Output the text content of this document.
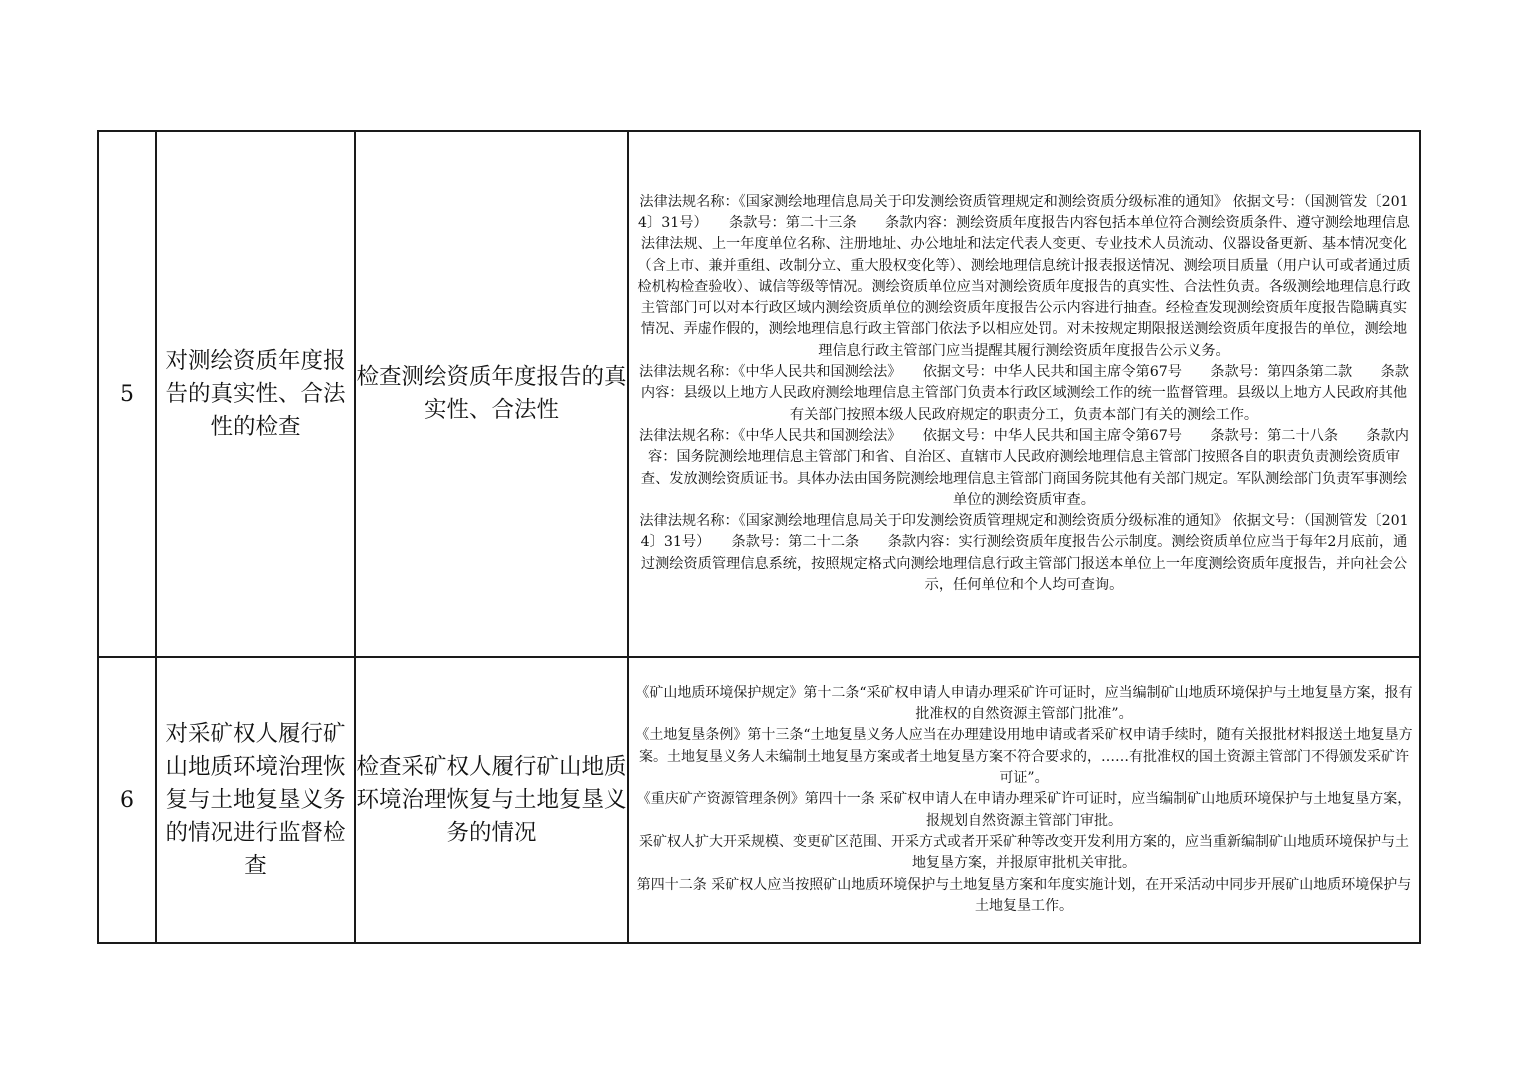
5	对测绘资质年度报告的真实性、合法性的检查	检查测绘资质年度报告的真实性、合法性	法律法规名称：《国家测绘地理信息局关于印发测绘资质管理规定和测绘资质分级标准的通知》 依据文号：（国测管发〔2014〕31号）　　条款号：第二十三条　　条款内容：测绘资质年度报告内容包括本单位符合测绘资质条件、遵守测绘地理信息法律法规、上一年度单位名称、注册地址、办公地址和法定代表人变更、专业技术人员流动、仪器设备更新、基本情况变化（含上市、兼并重组、改制分立、重大股权变化等）、测绘地理信息统计报表报送情况、测绘项目质量（用户认可或者通过质检机构检查验收）、诚信等级等情况。测绘资质单位应当对测绘资质年度报告的真实性、合法性负责。各级测绘地理信息行政主管部门可以对本行政区域内测绘资质单位的测绘资质年度报告公示内容进行抽查。经检查发现测绘资质年度报告隐瞒真实情况、弄虚作假的，测绘地理信息行政主管部门依法予以相应处罚。对未按规定期限报送测绘资质年度报告的单位，测绘地理信息行政主管部门应当提醒其履行测绘资质年度报告公示义务。

法律法规名称：《中华人民共和国测绘法》　　依据文号：中华人民共和国主席令第67号　　条款号：第四条第二款　　条款内容：县级以上地方人民政府测绘地理信息主管部门负责本行政区域测绘工作的统一监督管理。县级以上地方人民政府其他有关部门按照本级人民政府规定的职责分工，负责本部门有关的测绘工作。

法律法规名称：《中华人民共和国测绘法》　　依据文号：中华人民共和国主席令第67号　　条款号：第二十八条　　条款内容：国务院测绘地理信息主管部门和省、自治区、直辖市人民政府测绘地理信息主管部门按照各自的职责负责测绘资质审查、发放测绘资质证书。具体办法由国务院测绘地理信息主管部门商国务院其他有关部门规定。军队测绘部门负责军事测绘单位的测绘资质审查。

法律法规名称：《国家测绘地理信息局关于印发测绘资质管理规定和测绘资质分级标准的通知》 依据文号：（国测管发〔2014〕31号）　　条款号：第二十二条　　条款内容：实行测绘资质年度报告公示制度。测绘资质单位应当于每年2月底前，通过测绘资质管理信息系统，按照规定格式向测绘地理信息行政主管部门报送本单位上一年度测绘资质年度报告，并向社会公示，任何单位和个人均可查询。

6	对采矿权人履行矿山地质环境治理恢复与土地复垦义务的情况进行监督检查	检查采矿权人履行矿山地质环境治理恢复与土地复垦义务的情况	《矿山地质环境保护规定》第十二条“采矿权申请人申请办理采矿许可证时，应当编制矿山地质环境保护与土地复垦方案，报有批准权的自然资源主管部门批准”。

《土地复垦条例》第十三条“土地复垦义务人应当在办理建设用地申请或者采矿权申请手续时，随有关报批材料报送土地复垦方案。土地复垦义务人未编制土地复垦方案或者土地复垦方案不符合要求的，……有批准权的国土资源主管部门不得颁发采矿许可证”。

《重庆矿产资源管理条例》第四十一条 采矿权申请人在申请办理采矿许可证时，应当编制矿山地质环境保护与土地复垦方案，报规划自然资源主管部门审批。

采矿权人扩大开采规模、变更矿区范围、开采方式或者开采矿种等改变开发利用方案的，应当重新编制矿山地质环境保护与土地复垦方案，并报原审批机关审批。

第四十二条 采矿权人应当按照矿山地质环境保护与土地复垦方案和年度实施计划，在开采活动中同步开展矿山地质环境保护与土地复垦工作。
